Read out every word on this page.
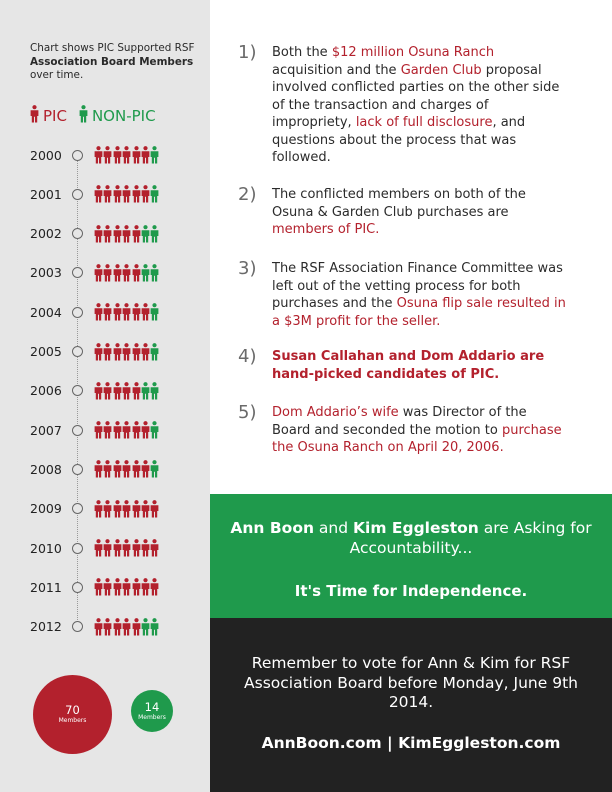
Chart shows PIC Supported RSF Association Board Members over time.
PIC NON-PIC
2000
2001
2002
2003
2004
2005
2006
2007
2008
2009
2010
2011
2012
70
Members
14
Members
1)	Both the $12 million Osuna Ranch acquisition and the Garden Club proposal involved conflicted parties on the other side of the transaction and charges of impropriety, lack of full disclosure, and questions about the process that was followed.
2)	The conflicted members on both of the Osuna & Garden Club purchases are members of PIC.
3)	The RSF Association Finance Committee was left out of the vetting process for both purchases and the Osuna flip sale resulted in a $3M profit for the seller.
4)	Susan Callahan and Dom Addario are hand-picked candidates of PIC.
5)	Dom Addario’s wife was Director of the Board and seconded the motion to purchase the Osuna Ranch on April 20, 2006.
Ann Boon and Kim Eggleston are Asking for Accountability...
It's Time for Independence.
Remember to vote for Ann & Kim for RSF Association Board before Monday, June 9th 2014.
AnnBoon.com | KimEggleston.com
